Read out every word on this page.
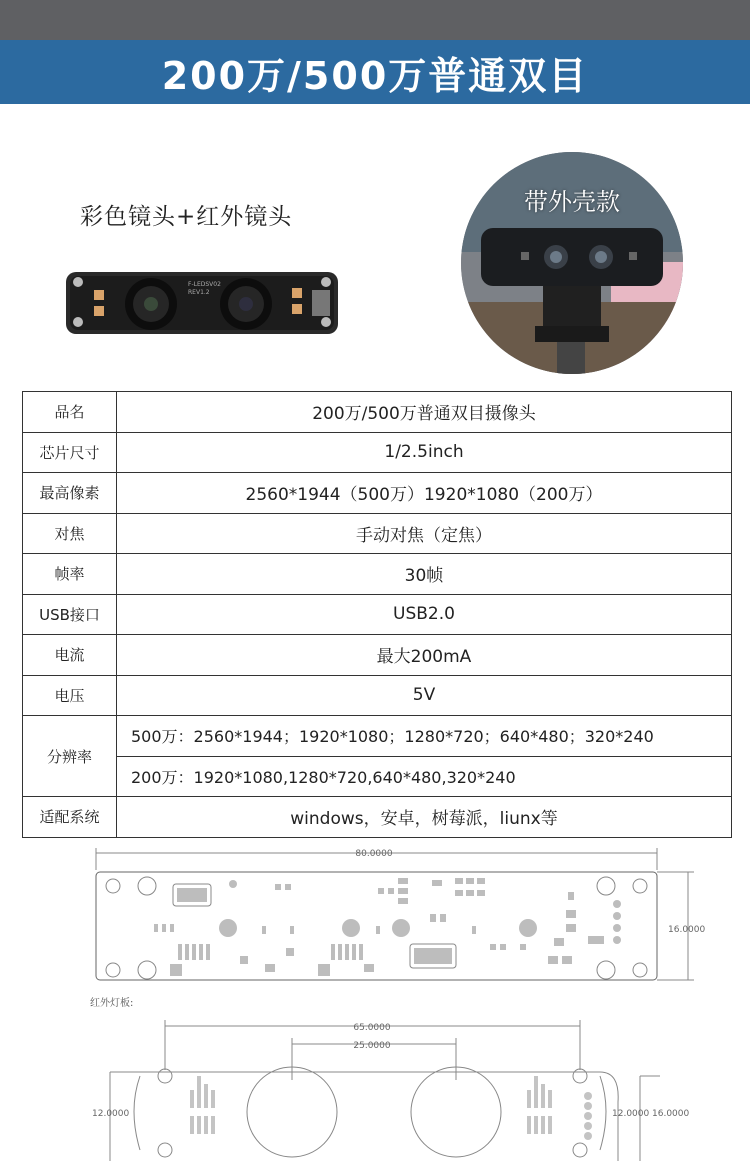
200万/500万普通双目
彩色镜头+红外镜头
F-LEDSV02
REV1.2
带外壳款
品名	200万/500万普通双目摄像头

芯片尺寸	1/2.5inch

最高像素	2560*1944（500万）1920*1080（200万）

对焦	手动对焦（定焦）

帧率	30帧

USB接口	USB2.0

电流	最大200mA

电压	5V

分辨率	500万：2560*1944；1920*1080；1280*720；640*480；320*240

	200万：1920*1080,1280*720,640*480,320*240

适配系统	windows，安卓，树莓派，liunx等
80.0000
16.0000
红外灯板:
65.0000
25.0000
12.0000	12.0000 16.0000
